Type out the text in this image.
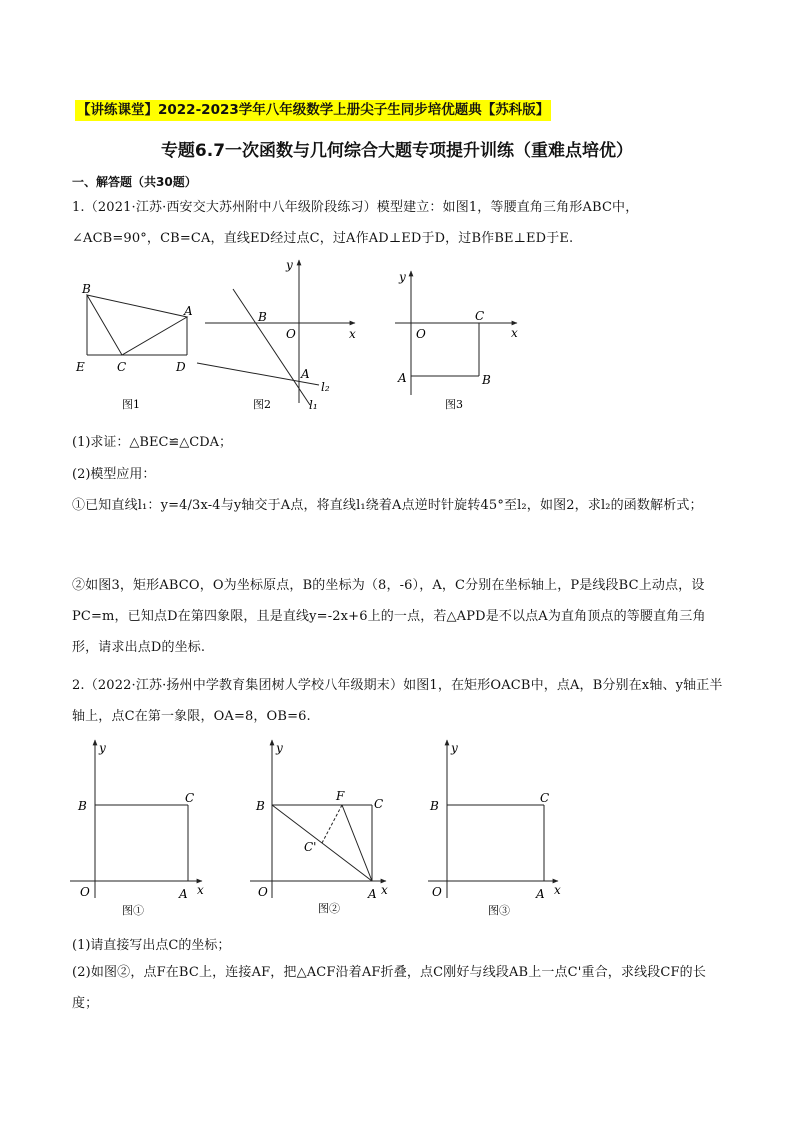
【讲练课堂】2022-2023学年八年级数学上册尖子生同步培优题典【苏科版】
专题6.7一次函数与几何综合大题专项提升训练（重难点培优）
一、解答题（共30题）
1.（2021·江苏·西安交大苏州附中八年级阶段练习）模型建立：如图1，等腰直角三角形ABC中，∠ACB=90°，CB=CA，直线ED经过点C，过A作AD⊥ED于D，过B作BE⊥ED于E.
B
A
E	C	D
图1
y
x
B
O
A
l₂
l₁
图2
y
x
O
C
A	B
图3
(1)求证：△BEC≌△CDA；
(2)模型应用：
①已知直线l₁：y=4/3x-4与y轴交于A点，将直线l₁绕着A点逆时针旋转45°至l₂，如图2，求l₂的函数解析式；
②如图3，矩形ABCO，O为坐标原点，B的坐标为（8，-6），A，C分别在坐标轴上，P是线段BC上动点，设PC=m，已知点D在第四象限，且是直线y=-2x+6上的一点，若△APD是不以点A为直角顶点的等腰直角三角形，请求出点D的坐标.
2.（2022·江苏·扬州中学教育集团树人学校八年级期末）如图1，在矩形OACB中，点A，B分别在x轴、y轴正半轴上，点C在第一象限，OA=8，OB=6.
y
x
B
C
O	A
图①
y
x
B
F
C
C'
O	A
图②
y
x
B
C
O	A
图③
(1)请直接写出点C的坐标；
(2)如图②，点F在BC上，连接AF，把△ACF沿着AF折叠，点C刚好与线段AB上一点C'重合，求线段CF的长度；
